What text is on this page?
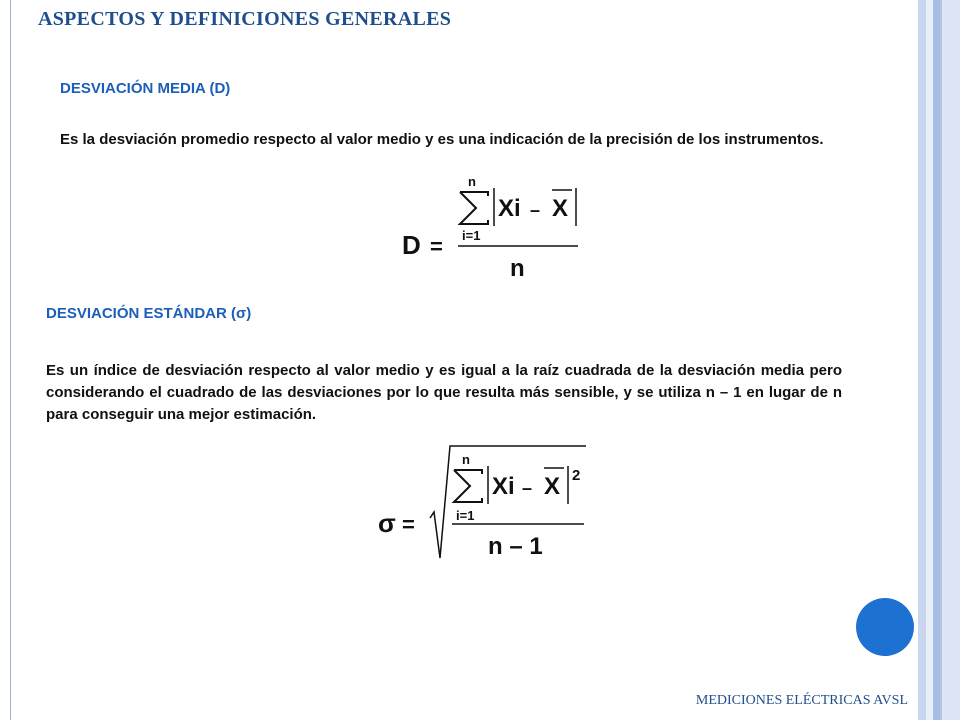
ASPECTOS Y DEFINICIONES GENERALES

DESVIACIÓN MEDIA (D)

Es la desviación promedio respecto al valor medio y es una indicación de la precisión de los instrumentos.

D =
n
i=1
Xi – X
n

DESVIACIÓN ESTÁNDAR (σ)

Es un índice de desviación respecto al valor medio y es igual a la raíz cuadrada de la desviación media pero considerando el cuadrado de las desviaciones por lo que resulta más sensible, y se utiliza n – 1 en lugar de n para conseguir una mejor estimación.

σ =
n
i=1
Xi – X 2
n – 1
MEDICIONES ELÉCTRICAS AVSL
